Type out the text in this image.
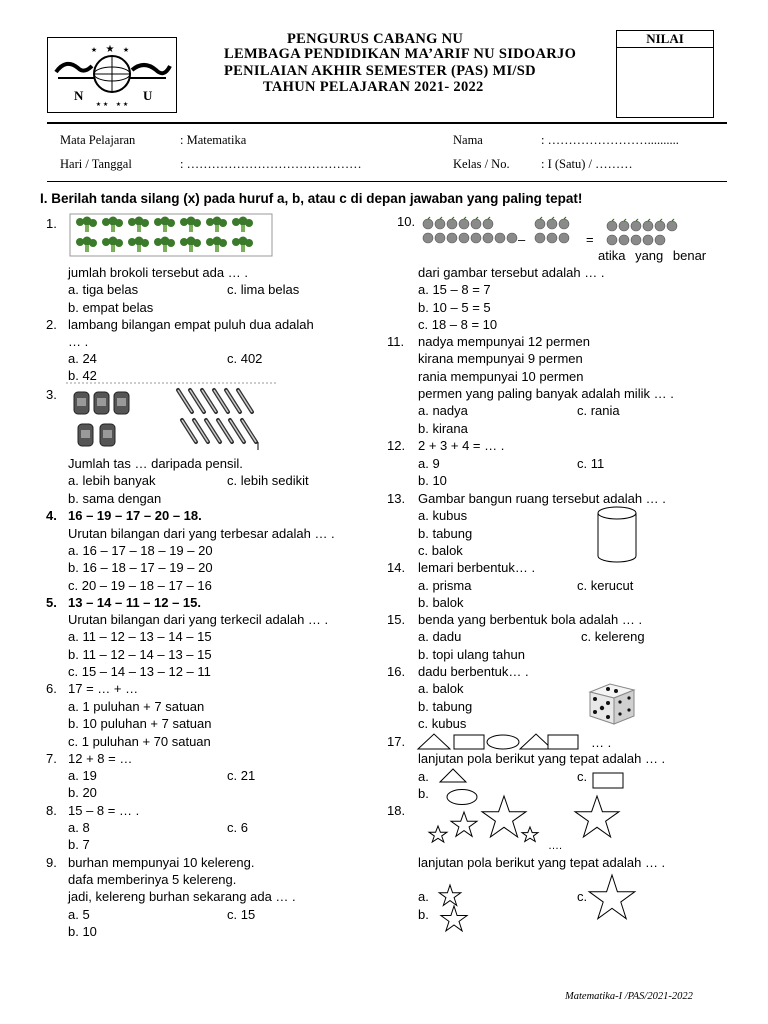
★
★	★
★ ★ ★ ★
N	U
PENGURUS CABANG NU
LEMBAGA PENDIDIKAN MA’ARIF NU SIDOARJO
PENILAIAN AKHIR SEMESTER (PAS) MI/SD
TAHUN PELAJARAN 2021- 2022
NILAI
Mata Pelajaran	: Matematika
Hari / Tanggal	: ……………………………………
Nama	: ……………………..........
Kelas / No.	: I (Satu) / ………
I. Berilah tanda silang (x) pada huruf a, b, atau c di depan jawaban yang paling tepat!
1.
jumlah brokoli tersebut ada … .
a. tiga belas	c. lima belas
b. empat belas
2. lambang bilangan empat puluh dua adalah
… .
a. 24	c. 402
b. 42
3.
Jumlah tas … daripada pensil.
a. lebih banyak	c. lebih sedikit
b. sama dengan
4. 16 – 19 – 17 – 20 – 18.
Urutan bilangan dari yang terbesar adalah … .
a. 16 – 17 – 18 – 19 – 20
b. 16 – 18 – 17 – 19 – 20
c. 20 – 19 – 18 – 17 – 16
5. 13 – 14 – 11 – 12 – 15.
Urutan bilangan dari yang terkecil adalah … .
a. 11 – 12 – 13 – 14 – 15
b. 11 – 12 – 14 – 13 – 15
c. 15 – 14 – 13 – 12 – 11
6. 17 = … + …
a. 1 puluhan + 7 satuan
b. 10 puluhan + 7 satuan
c. 1 puluhan + 70 satuan
7. 12 + 8 = …
a. 19	c. 21
b. 20
8. 15 – 8 = … .
a. 8	c. 6
b. 7
9. burhan mempunyai 10 kelereng.
dafa memberinya 5 kelereng.
jadi, kelereng burhan sekarang ada … .
a. 5	c. 15
b. 10
10.
–	=
atika yang benar
dari gambar tersebut adalah … .
a. 15 – 8 = 7
b. 10 – 5 = 5
c. 18 – 8 = 10
11. nadya mempunyai 12 permen
kirana mempunyai 9 permen
rania mempunyai 10 permen
permen yang paling banyak adalah milik … .
a. nadya	c. rania
b. kirana
12. 2 + 3 + 4 = … .
a. 9	c. 11
b. 10
13. Gambar bangun ruang tersebut adalah … .
a. kubus
b. tabung
c. balok
14. lemari berbentuk… .
a. prisma	c. kerucut
b. balok
15. benda yang berbentuk bola adalah … .
a. dadu	c. kelereng
b. topi ulang tahun
16. dadu berbentuk… .
a. balok
b. tabung
c. kubus
17.	… .
lanjutan pola berikut yang tepat adalah … .
a.	c.
b.
18.
….
lanjutan pola berikut yang tepat adalah … .
a.	c.
b.
Matematika-I /PAS/2021-2022
